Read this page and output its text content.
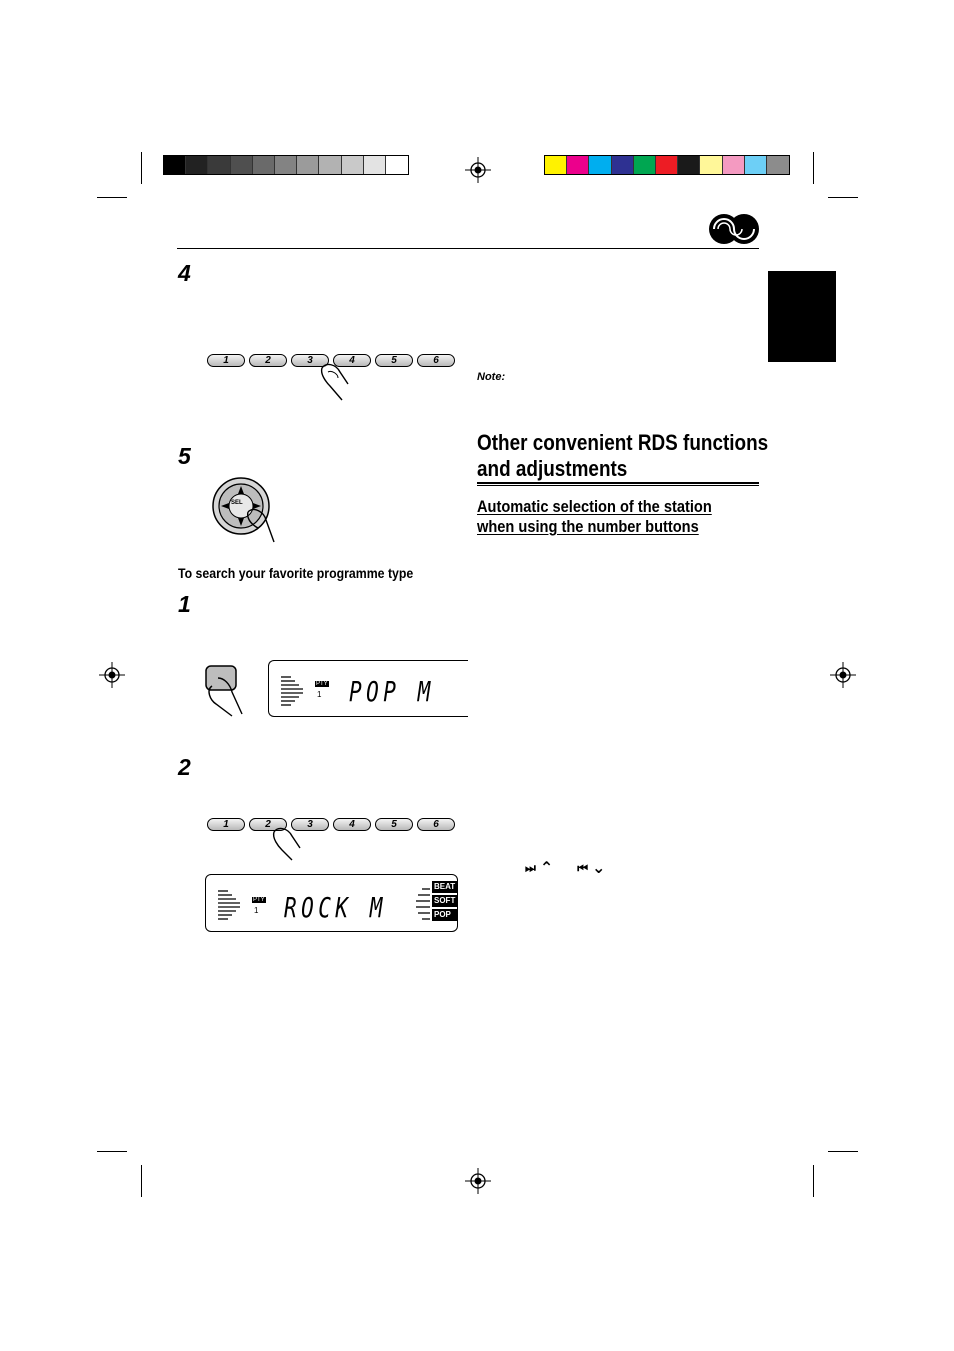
4
1	2	3	4	5	6
5
SEL
To search your favorite programme type
1
PTY
1 POP M
2
1	2	3	4	5	6
PTY
1 ROCK M
BEAT
SOFT
POP
Note:
Other convenient RDS functions
and adjustments
Automatic selection of the station
when using the number buttons
⏭ ⌃ ⏮ ⌄
